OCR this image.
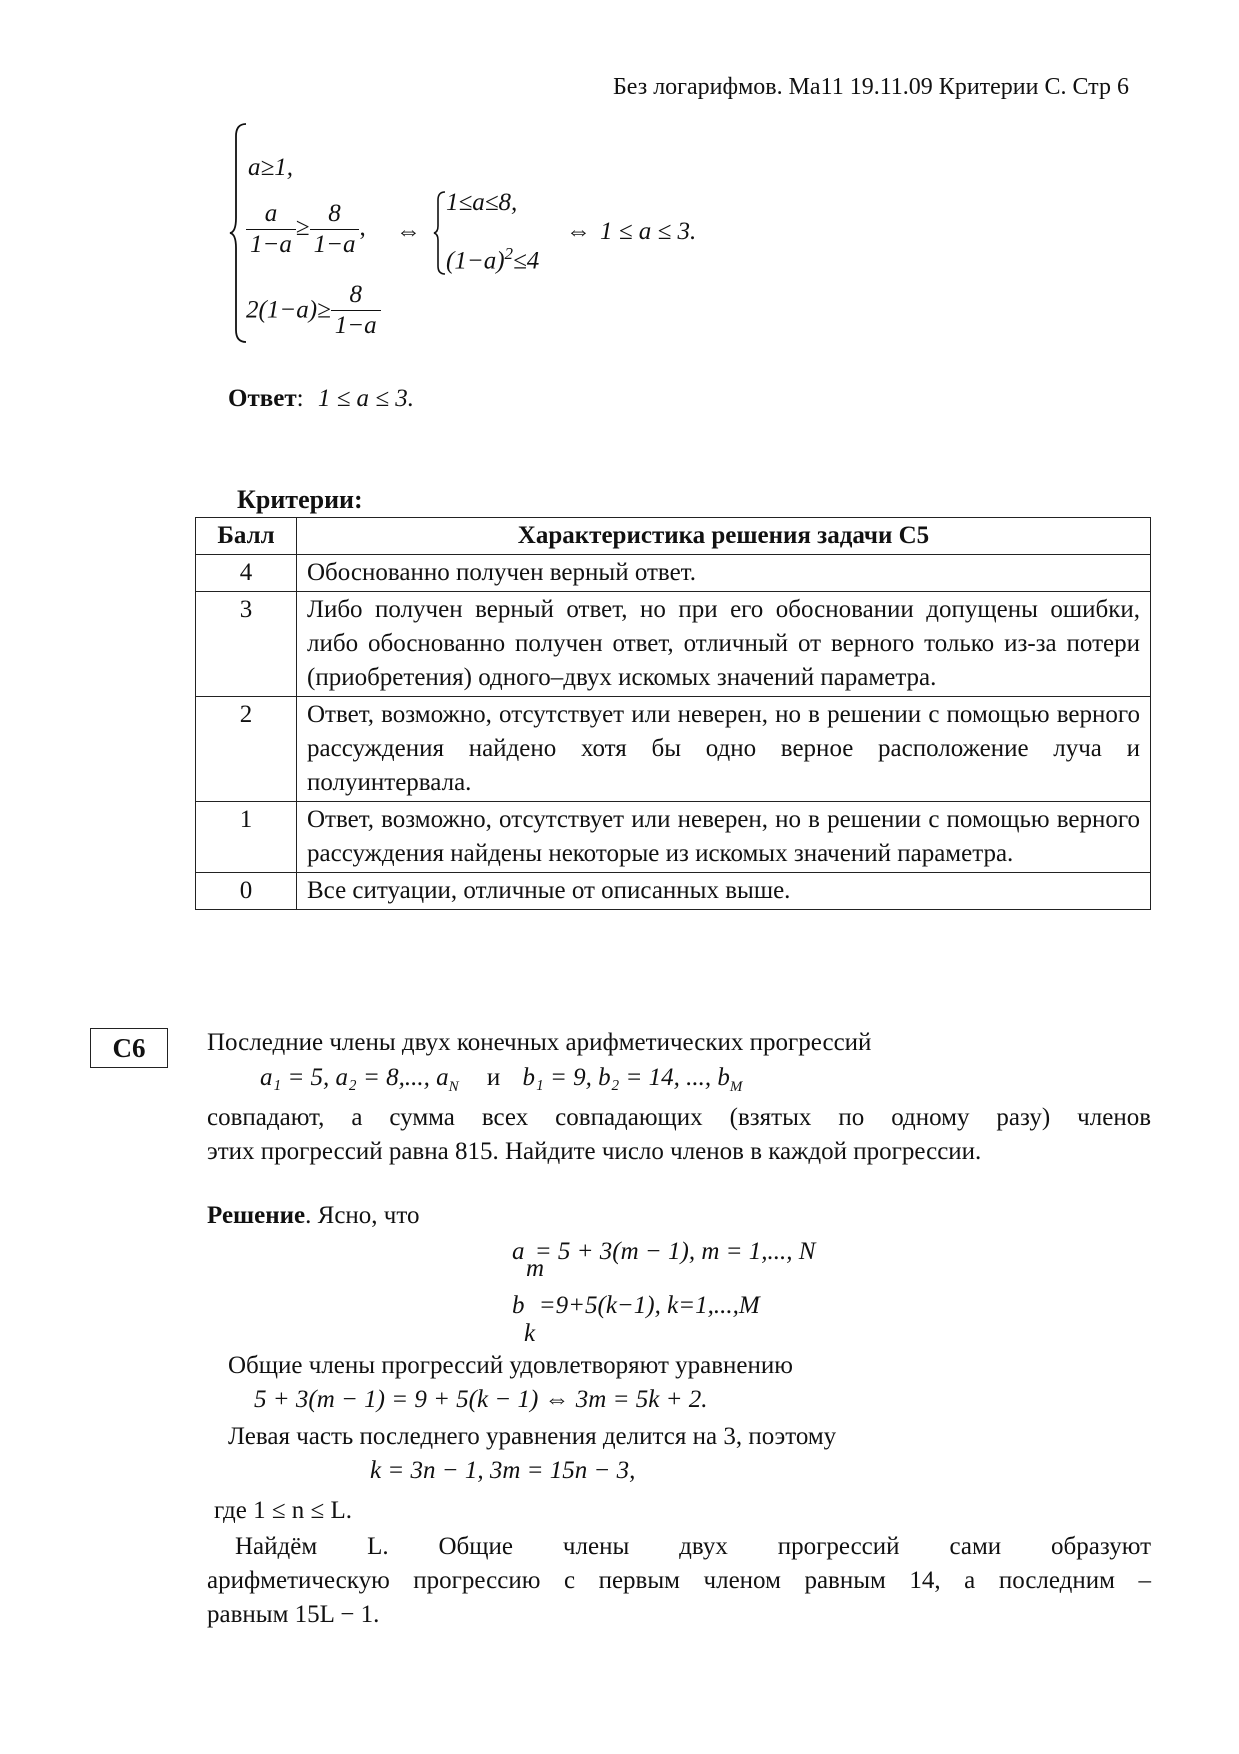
Без логарифмов. Ма11 19.11.09 Критерии С. Стр 6
a≥1,
$\frac{a}{1-a} \ge \frac{8}{1-a}$ ,
$2(1-a)\ge \frac{8}{1-a}$
⇔
1≤a≤8,
$(1-a)^2\le 4$
⇔ 1 ≤ a ≤ 3.
Ответ: 1 ≤ a ≤ 3.
Критерии:
Балл	Характеристика решения задачи С5
4	Обоснованно получен верный ответ.
3	Либо получен верный ответ, но при его обосновании допущены ошибки, либо обоснованно получен ответ, отличный от верного только из-за потери (приобретения) одного–двух искомых значений параметра.
2	Ответ, возможно, отсутствует или неверен, но в решении с помощью верного рассуждения найдено хотя бы одно верное расположение луча и полуинтервала.
1	Ответ, возможно, отсутствует или неверен, но в решении с помощью верного рассуждения найдены некоторые из искомых значений параметра.
0	Все ситуации, отличные от описанных выше.
С6	Последние члены двух конечных арифметических прогрессий
a₁ = 5, a₂ = 8,..., $a_N$ и b₁ = 9, b₂ = 14, ..., $b_M$
совпадают, а сумма всех совпадающих (взятых по одному разу) членов
этих прогрессий равна 815. Найдите число членов в каждой прогрессии.
Решение. Ясно, что
a = 5 + 3(m − 1), m = 1,..., N
m
b =9+5(k−1), k=1,...,M
k
Общие члены прогрессий удовлетворяют уравнению
5 + 3(m − 1) = 9 + 5(k − 1) ⇔ 3m = 5k + 2.
Левая часть последнего уравнения делится на 3, поэтому
k = 3n − 1, 3m = 15n − 3,
где 1 ≤ n ≤ L.
Найдём L. Общие члены двух прогрессий сами образуют
арифметическую прогрессию с первым членом равным 14, а последним –
равным 15L − 1.
